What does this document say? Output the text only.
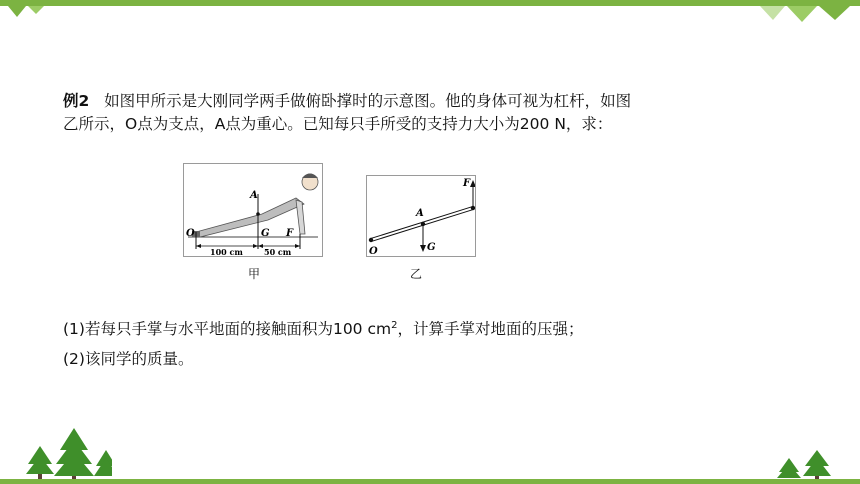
例2 如图甲所示是大刚同学两手做俯卧撑时的示意图。他的身体可视为杠杆，如图
乙所示，O点为支点，A点为重心。已知每只手所受的支持力大小为200 N，求：
A
O	G F
100 cm	50 cm
甲
F
A
O	G
乙
(1)若每只手掌与水平地面的接触面积为100 $cm^2$，计算手掌对地面的压强；
(2)该同学的质量。
